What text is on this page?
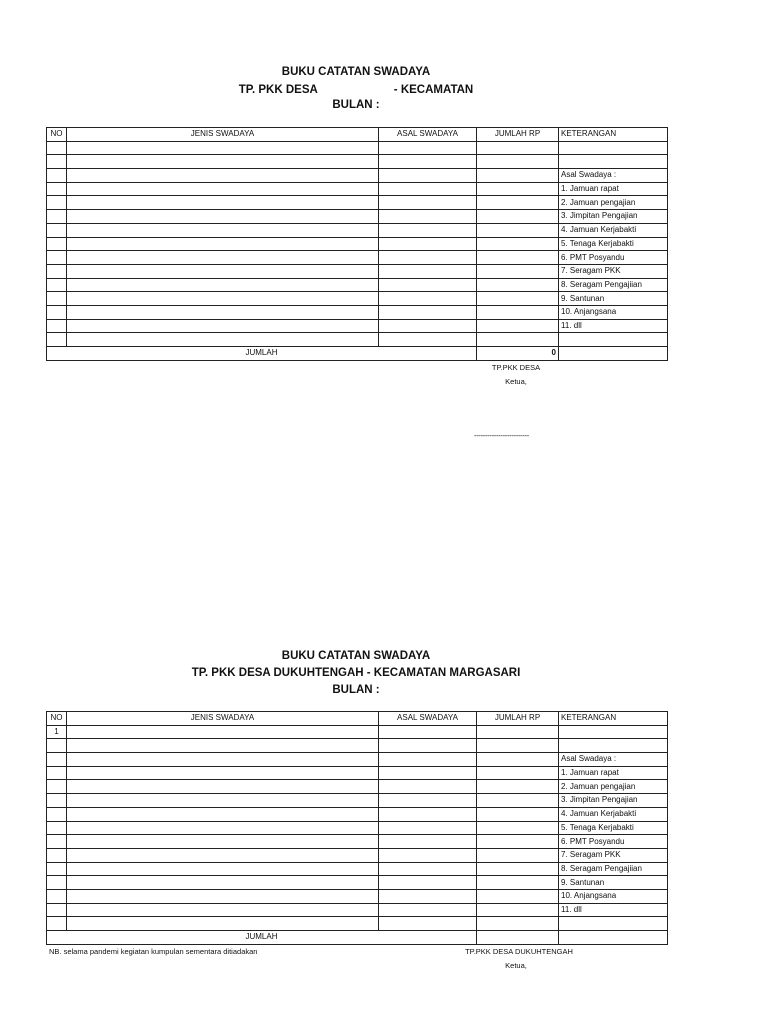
BUKU CATATAN SWADAYA
TP. PKK DESA	- KECAMATAN
BULAN :
NO	JENIS SWADAYA	ASAL SWADAYA	JUMLAH RP	KETERANGAN

				Asal Swadaya :
				1. Jamuan rapat
				2. Jamuan pengajian
				3. Jimpitan Pengajian
				4. Jamuan Kerjabakti
				5. Tenaga Kerjabakti
				6. PMT Posyandu
				7. Seragam PKK
				8. Seragam Pengajiian
				9. Santunan
				10. Anjangsana
				11. dll

JUMLAH			0	
TP.PKK DESA
Ketua,
-------------------------
BUKU CATATAN SWADAYA
TP. PKK DESA DUKUHTENGAH - KECAMATAN MARGASARI
BULAN :
NO	JENIS SWADAYA	ASAL SWADAYA	JUMLAH RP	KETERANGAN
1				

				Asal Swadaya :
				1. Jamuan rapat
				2. Jamuan pengajian
				3. Jimpitan Pengajian
				4. Jamuan Kerjabakti
				5. Tenaga Kerjabakti
				6. PMT Posyandu
				7. Seragam PKK
				8. Seragam Pengajiian
				9. Santunan
				10. Anjangsana
				11. dll

JUMLAH				
NB. selama pandemi kegiatan kumpulan sementara ditiadakan	TP.PKK DESA DUKUHTENGAH
Ketua,
